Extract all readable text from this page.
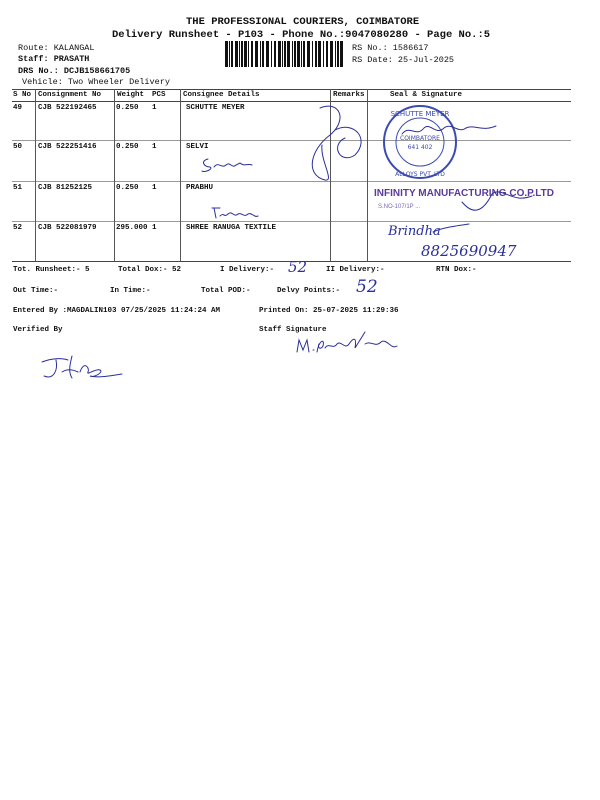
THE PROFESSIONAL COURIERS, COIMBATORE
Delivery Runsheet - P103 - Phone No.:9047080280 - Page No.:5
Route: KALANGAL
Staff: PRASATH
DRS No.: DCJB158661705
Vehicle: Two Wheeler Delivery
RS No.: 1586617
RS Date: 25-Jul-2025
S No Consignment No Weight PCS Consignee Details	Remarks	Seal & Signature
49 CJB 522192465	0.250 1	SCHUTTE MEYER
50 CJB 522251416	0.250 1	SELVI
51 CJB 81252125	0.250 1	PRABHU
52 CJB 522081979	295.000 1	SHREE RANUGA TEXTILE
SCHUTTE MEYER
ALLOYS PVT. LTD
COIMBATORE
641 402
INFINITY MANUFACTURING CO.P.LTD
S.NO-107/1P ...
8825690947
Brindha
Tot. Runsheet:- 5	Total Dox:- 52	I Delivery:- 52	II Delivery:-	RTN Dox:-
Out Time:-	In Time:-	Total POD:-	Delvy Points:- 52
Entered By :MAGDALIN103 07/25/2025 11:24:24 AM	Printed On: 25-07-2025 11:29:36
Verified By	Staff Signature
